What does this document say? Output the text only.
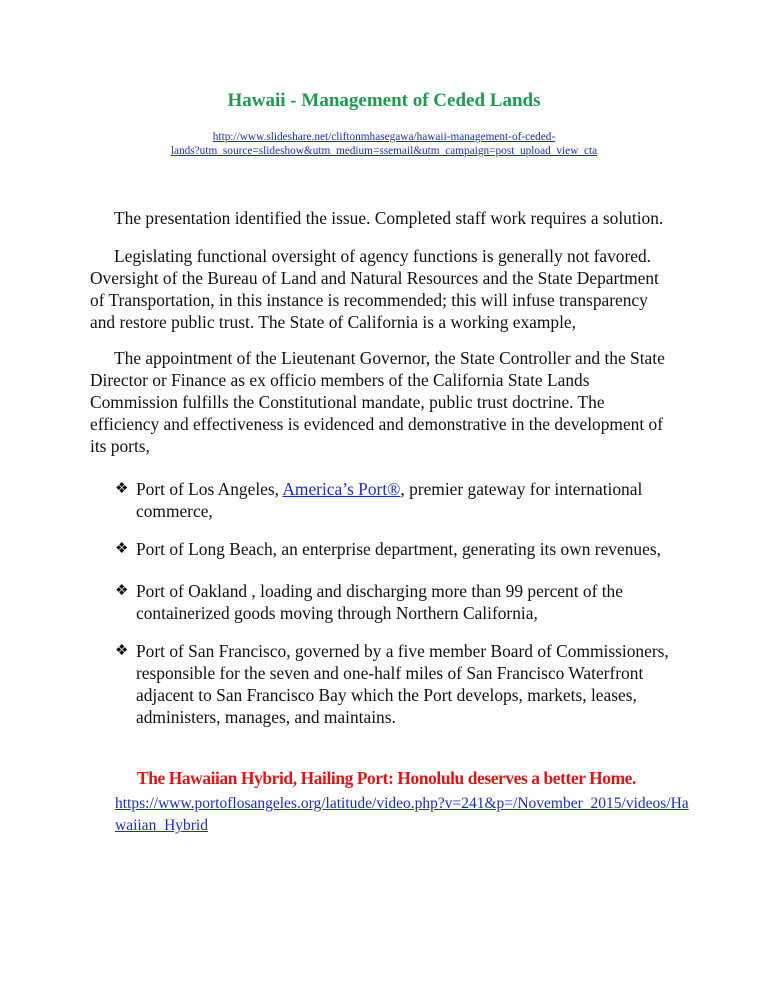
Hawaii - Management of Ceded Lands
http://www.slideshare.net/cliftonmhasegawa/hawaii-management-of-ceded-
lands?utm_source=slideshow&utm_medium=ssemail&utm_campaign=post_upload_view_cta
The presentation identified the issue. Completed staff work requires a solution.
Legislating functional oversight of agency functions is generally not favored.
Oversight of the Bureau of Land and Natural Resources and the State Department
of Transportation, in this instance is recommended; this will infuse transparency
and restore public trust. The State of California is a working example,
The appointment of the Lieutenant Governor, the State Controller and the State
Director or Finance as ex officio members of the California State Lands
Commission fulfills the Constitutional mandate, public trust doctrine. The
efficiency and effectiveness is evidenced and demonstrative in the development of
its ports,
❖ Port of Los Angeles, America’s Port®, premier gateway for international
commerce,
❖ Port of Long Beach, an enterprise department, generating its own revenues,
❖ Port of Oakland , loading and discharging more than 99 percent of the
containerized goods moving through Northern California,
❖ Port of San Francisco, governed by a five member Board of Commissioners,
responsible for the seven and one-half miles of San Francisco Waterfront
adjacent to San Francisco Bay which the Port develops, markets, leases,
administers, manages, and maintains.
The Hawaiian Hybrid, Hailing Port: Honolulu deserves a better Home.
https://www.portoflosangeles.org/latitude/video.php?v=241&p=/November_2015/videos/Ha
waiian_Hybrid
